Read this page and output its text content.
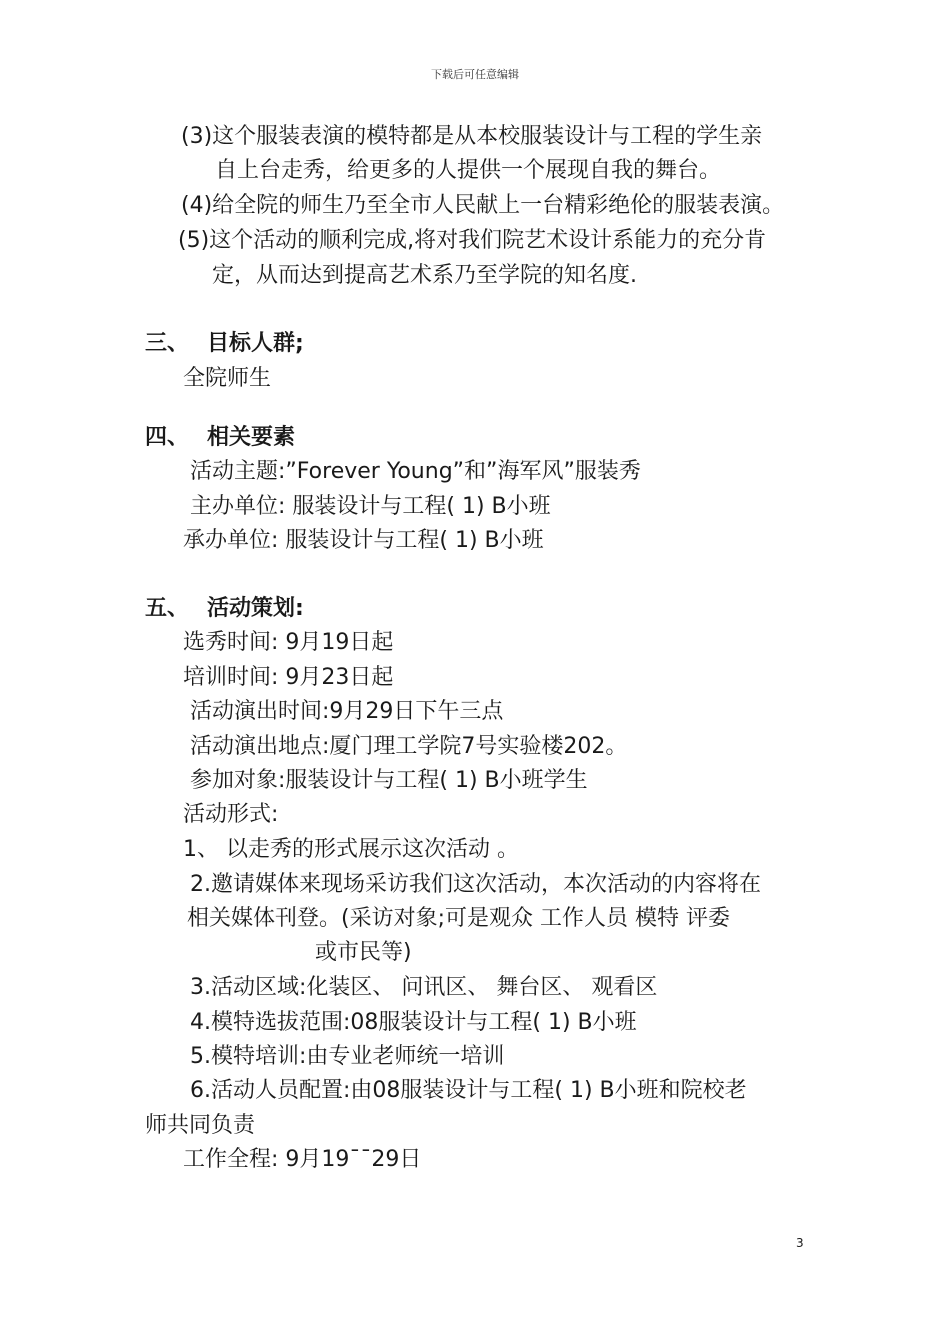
下载后可任意编辑
(3)这个服装表演的模特都是从本校服装设计与工程的学生亲
自上台走秀，给更多的人提供一个展现自我的舞台。
(4)给全院的师生乃至全市人民献上一台精彩绝伦的服装表演。
(5)这个活动的顺利完成,将对我们院艺术设计系能力的充分肯
定，从而达到提高艺术系乃至学院的知名度.
三、 目标人群;
全院师生
四、 相关要素
活动主题:”Forever Young”和”海军风”服装秀
主办单位: 服装设计与工程( 1) B小班
承办单位: 服装设计与工程( 1) B小班
五、 活动策划:
选秀时间: 9月19日起
培训时间: 9月23日起
活动演出时间:9月29日下午三点
活动演出地点:厦门理工学院7号实验楼202。
参加对象:服装设计与工程( 1) B小班学生
活动形式:
1、 以走秀的形式展示这次活动 。
2.邀请媒体来现场采访我们这次活动，本次活动的内容将在
相关媒体刊登。(采访对象;可是观众 工作人员 模特 评委
或市民等)
3.活动区域:化装区、 问讯区、 舞台区、 观看区
4.模特选拔范围:08服装设计与工程( 1) B小班
5.模特培训:由专业老师统一培训
6.活动人员配置:由08服装设计与工程( 1) B小班和院校老
师共同负责
工作全程: 9月19¯¯29日
3
